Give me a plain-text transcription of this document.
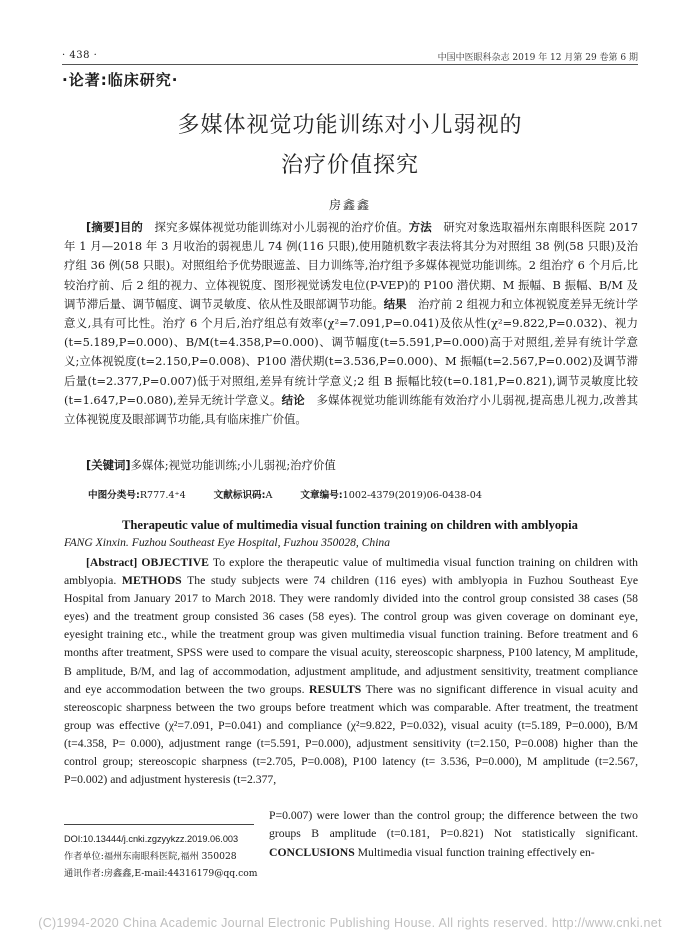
· 438 ·	中国中医眼科杂志 2019 年 12 月第 29 卷第 6 期
·论著:临床研究·
多媒体视觉功能训练对小儿弱视的
治疗价值探究
房鑫鑫
[摘要]目的　 探究多媒体视觉功能训练对小儿弱视的治疗价值。方法　 研究对象选取福州东南眼科医院 2017 年 1 月—2018 年 3 月收治的弱视患儿 74 例(116 只眼),使用随机数字表法将其分为对照组 38 例(58 只眼)及治疗组 36 例(58 只眼)。对照组给予优势眼遮盖、目力训练等,治疗组予多媒体视觉功能训练。2 组治疗 6 个月后,比较治疗前、后 2 组的视力、立体视锐度、图形视觉诱发电位(P-VEP)的 P100 潜伏期、M 振幅、B 振幅、B/M 及调节滞后量、调节幅度、调节灵敏度、依从性及眼部调节功能。结果　 治疗前 2 组视力和立体视锐度差异无统计学意义,具有可比性。治疗 6 个月后,治疗组总有效率(χ²=7.091,P=0.041)及依从性(χ²=9.822,P=0.032)、视力(t=5.189,P=0.000)、B/M(t=4.358,P=0.000)、调节幅度(t=5.591,P=0.000)高于对照组,差异有统计学意义;立体视锐度(t=2.150,P=0.008)、P100 潜伏期(t=3.536,P=0.000)、M 振幅(t=2.567,P=0.002)及调节滞后量(t=2.377,P=0.007)低于对照组,差异有统计学意义;2 组 B 振幅比较(t=0.181,P=0.821),调节灵敏度比较(t=1.647,P=0.080),差异无统计学意义。结论　 多媒体视觉功能训练能有效治疗小儿弱视,提高患儿视力,改善其立体视锐度及眼部调节功能,具有临床推广价值。
[关键词]多媒体;视觉功能训练;小儿弱视;治疗价值
中图分类号:R777.4⁺4	文献标识码:A	文章编号:1002-4379(2019)06-0438-04
Therapeutic value of multimedia visual function training on children with amblyopia
FANG Xinxin. Fuzhou Southeast Eye Hospital, Fuzhou 350028, China
[Abstract] OBJECTIVE To explore the therapeutic value of multimedia visual function training on children with amblyopia. METHODS The study subjects were 74 children (116 eyes) with amblyopia in Fuzhou Southeast Eye Hospital from January 2017 to March 2018. They were randomly divided into the control group consisted 38 cases (58 eyes) and the treatment group consisted 36 cases (58 eyes). The control group was given coverage on dominant eye, eyesight training etc., while the treatment group was given multimedia visual function training. Before treatment and 6 months after treatment, SPSS were used to compare the visual acuity, stereoscopic sharpness, P100 latency, M amplitude, B amplitude, B/M, and lag of accommodation, adjustment amplitude, and adjustment sensitivity, treatment compliance and eye accommodation between the two groups. RESULTS There was no significant difference in visual acuity and stereoscopic sharpness between the two groups before treatment which was comparable. After treatment, the treatment group was effective (χ²=7.091, P=0.041) and compliance (χ²=9.822, P=0.032), visual acuity (t=5.189, P=0.000), B/M (t=4.358, P= 0.000), adjustment range (t=5.591, P=0.000), adjustment sensitivity (t=2.150, P=0.008) higher than the control group; stereoscopic sharpness (t=2.705, P=0.008), P100 latency (t= 3.536, P=0.000), M amplitude (t=2.567, P=0.002) and adjustment hysteresis (t=2.377,
P=0.007) were lower than the control group; the difference between the two groups B amplitude (t=0.181, P=0.821) Not statistically significant. CONCLUSIONS Multimedia visual function training effectively en-
DOI:10.13444/j.cnki.zgzyykzz.2019.06.003
作者单位:福州东南眼科医院,福州 350028
通讯作者:房鑫鑫,E-mail:44316179@qq.com
(C)1994-2020 China Academic Journal Electronic Publishing House. All rights reserved. http://www.cnki.net
